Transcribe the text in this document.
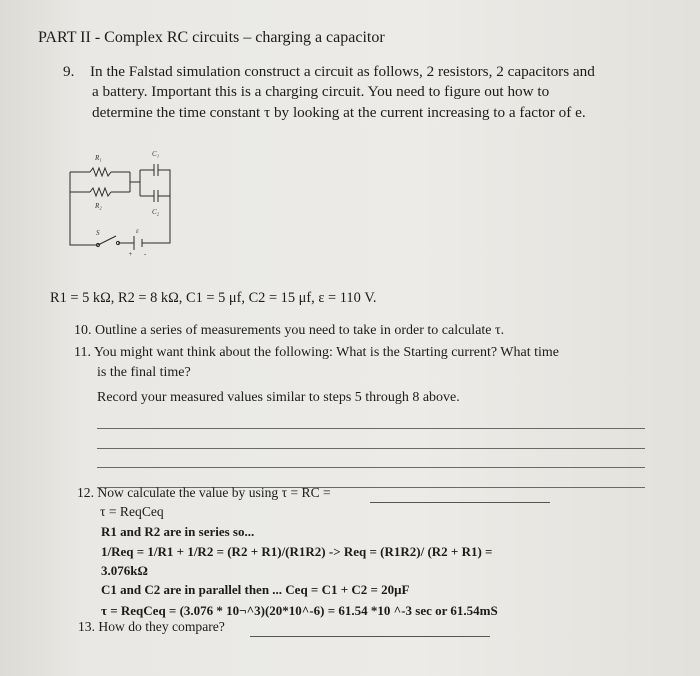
PART II - Complex RC circuits – charging a capacitor
9. In the Falstad simulation construct a circuit as follows, 2 resistors, 2 capacitors and
a battery. Important this is a charging circuit. You need to figure out how to
determine the time constant τ by looking at the current increasing to a factor of e.
R₁
R₂
C₁
C₂
S	ε
+ -
R1 = 5 kΩ, R2 = 8 kΩ, C1 = 5 μf, C2 = 15 μf, ε = 110 V.
10. Outline a series of measurements you need to take in order to calculate τ.
11. You might want think about the following: What is the Starting current? What time
is the final time?
Record your measured values similar to steps 5 through 8 above.
12. Now calculate the value by using τ = RC =
τ = ReqCeq
R1 and R2 are in series so...
1/Req = 1/R1 + 1/R2 = (R2 + R1)/(R1R2) -> Req = (R1R2)/ (R2 + R1) =
3.076kΩ
C1 and C2 are in parallel then ... Ceq = C1 + C2 = 20μF
τ = ReqCeq = (3.076 * 10¬^3)(20*10^-6) = 61.54 *10 ^-3 sec or 61.54mS
13. How do they compare?
